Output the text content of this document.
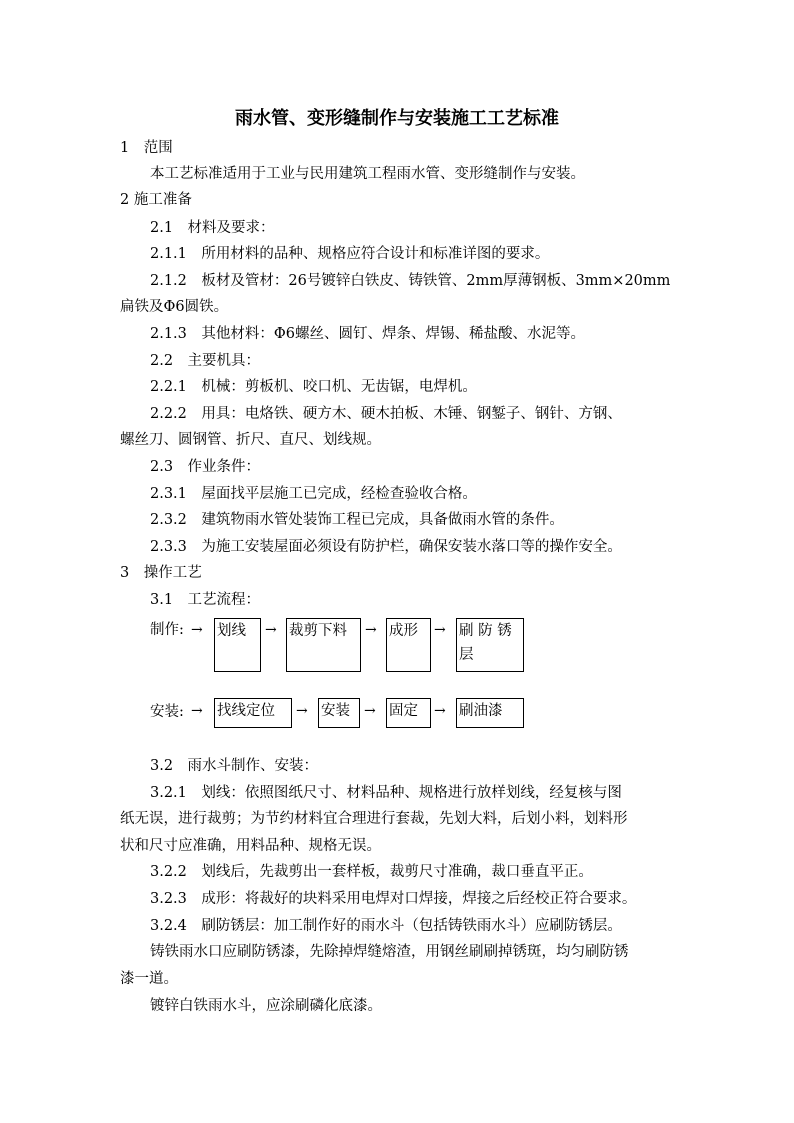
雨水管、变形缝制作与安装施工工艺标准
1　范围
本工艺标准适用于工业与民用建筑工程雨水管、变形缝制作与安装。
2 施工准备
2.1　材料及要求：
2.1.1　所用材料的品种、规格应符合设计和标准详图的要求。
2.1.2　板材及管材：26号镀锌白铁皮、铸铁管、2mm厚薄钢板、3mm×20mm
扁铁及Φ6圆铁。
2.1.3　其他材料：Φ6螺丝、圆钉、焊条、焊锡、稀盐酸、水泥等。
2.2　主要机具：
2.2.1　机械：剪板机、咬口机、无齿锯，电焊机。
2.2.2　用具：电烙铁、硬方木、硬木拍板、木锤、钢錾子、钢针、方钢、
螺丝刀、圆钢管、折尺、直尺、划线规。
2.3　作业条件：
2.3.1　屋面找平层施工已完成，经检查验收合格。
2.3.2　建筑物雨水管处装饰工程已完成，具备做雨水管的条件。
2.3.3　为施工安装屋面必须设有防护栏，确保安装水落口等的操作安全。
3　操作工艺
3.1　工艺流程：
制作: → 划线	→ 裁剪下料	→ 成形	→ 刷 防 锈 层
安装: → 找线定位	→ 安装	→ 固定	→ 刷油漆
3.2　雨水斗制作、安装：
3.2.1　划线：依照图纸尺寸、材料品种、规格进行放样划线，经复核与图
纸无误，进行裁剪；为节约材料宜合理进行套裁，先划大料，后划小料，划料形
状和尺寸应准确，用料品种、规格无误。
3.2.2　划线后，先裁剪出一套样板，裁剪尺寸准确，裁口垂直平正。
3.2.3　成形：将裁好的块料采用电焊对口焊接，焊接之后经校正符合要求。
3.2.4　刷防锈层：加工制作好的雨水斗（包括铸铁雨水斗）应刷防锈层。
铸铁雨水口应刷防锈漆，先除掉焊缝熔渣，用钢丝刷刷掉锈斑，均匀刷防锈
漆一道。
镀锌白铁雨水斗，应涂刷磷化底漆。
